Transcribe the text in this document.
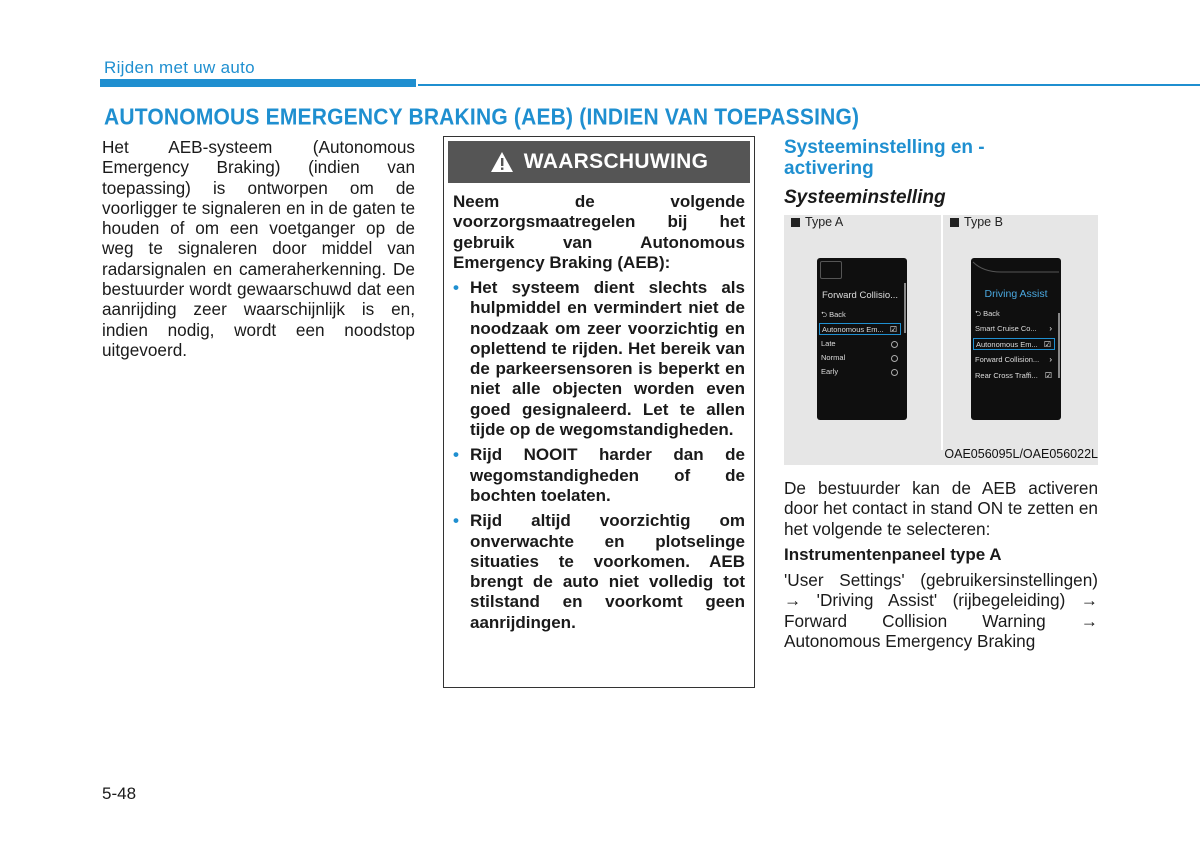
Rijden met uw auto
AUTONOMOUS EMERGENCY BRAKING (AEB) (INDIEN VAN TOEPASSING)

Het AEB-systeem (Autonomous Emergency Braking) (indien van toepassing) is ontworpen om de voorligger te signaleren en in de gaten te houden of om een voetganger op de weg te signaleren door middel van radarsignalen en cameraherkenning. De bestuurder wordt gewaarschuwd dat een aanrijding zeer waarschijnlijk is en, indien nodig, wordt een noodstop uitgevoerd.

WAARSCHUWING

Neem de volgende voorzorgsmaatregelen bij het gebruik van Autonomous Emergency Braking (AEB):

• Het systeem dient slechts als hulpmiddel en vermindert niet de noodzaak om zeer voorzichtig en oplettend te rijden. Het bereik van de parkeersensoren is beperkt en niet alle objecten worden even goed gesignaleerd. Let te allen tijde op de wegomstandigheden.
• Rijd NOOIT harder dan de wegomstandigheden of de bochten toelaten.
• Rijd altijd voorzichtig om onverwachte en plotselinge situaties te voorkomen. AEB brengt de auto niet volledig tot stilstand en voorkomt geen aanrijdingen.
Systeeminstelling en -activering
Systeeminstelling
Type A	Type B
Forward Collisio...
⮌ Back
Autonomous Em... ☑
Late
Normal
Early
Driving Assist
⮌ Back
Smart Cruise Co... ›
Autonomous Em... ☑
Forward Collision... ›
Rear Cross Traffi... ☑
OAE056095L/OAE056022L

De bestuurder kan de AEB activeren door het contact in stand ON te zetten en het volgende te selecteren:

Instrumentenpaneel type A

'User Settings' (gebruikersinstellingen) → 'Driving Assist' (rijbegeleiding) → Forward Collision Warning → Autonomous Emergency Braking

5-48
